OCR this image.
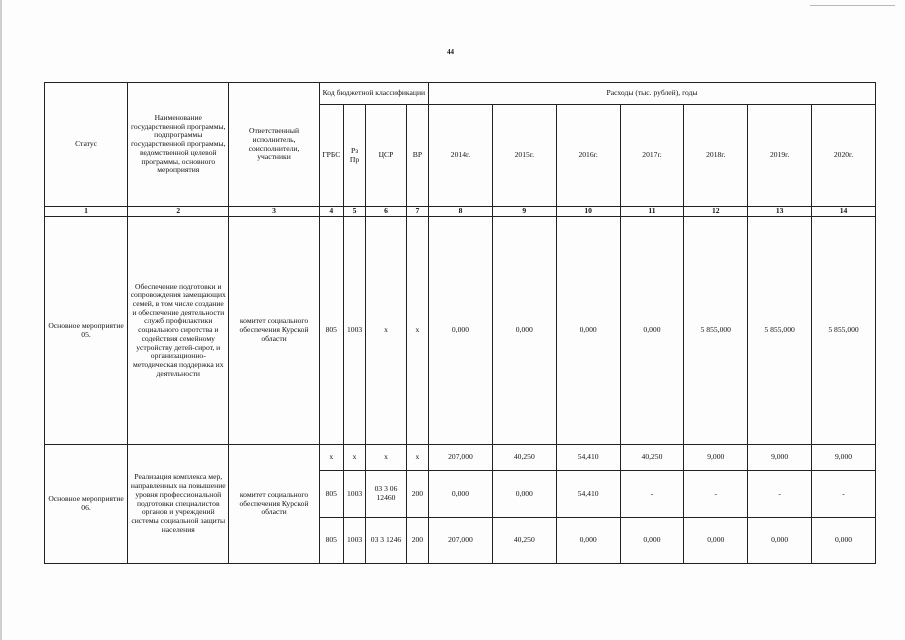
44
Статус	Наименование государственной программы, подпрограммы государственной программы, ведомственной целевой программы, основного мероприятия	Ответственный исполнитель, соисполнители, участники	Код бюджетной классификации				Расходы (тыс. рублей), годы						
			ГРБС	Рз Пр	ЦСР	ВР	2014г.	2015г.	2016г.	2017г.	2018г.	2019г.	2020г.
1	2	3	4	5	6	7	8	9	10	11	12	13	14
Основное мероприятие 05.	Обеспечение подготовки и сопровождения замещающих семей, в том числе создание и обеспечение деятельности служб профилактики социального сиротства и содействия семейному устройству детей-сирот, и организационно-методическая поддержка их деятельности	комитет социального обеспечения Курской области	805	1003	х	х	0,000	0,000	0,000	0,000	5 855,000	5 855,000	5 855,000
Основное мероприятие 06.	Реализация комплекса мер, направленных на повышение уровня профессиональной подготовки специалистов органов и учреждений системы социальной защиты населения	комитет социального обеспечения Курской области	х	х	х	х	207,000	40,250	54,410	40,250	9,000	9,000	9,000
			805	1003	03 3 06 12460	200	0,000	0,000	54,410	-	-	-	-
			805	1003	03 3 1246	200	207,000	40,250	0,000	0,000	0,000	0,000	0,000
